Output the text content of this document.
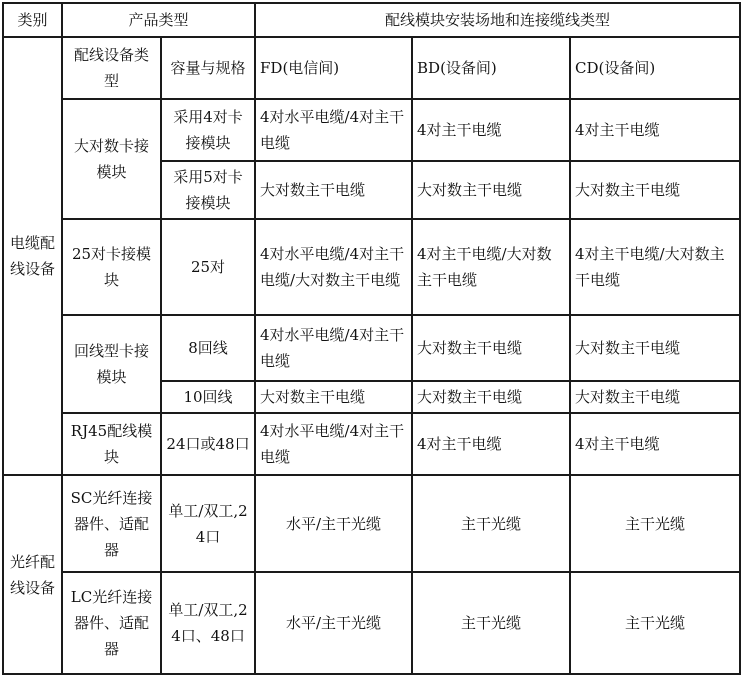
类别	产品类型		配线模块安装场地和连接缆线类型		
电缆配线设备	配线设备类型	容量与规格	FD(电信间)	BD(设备间)	CD(设备间)
	大对数卡接模块	采用4对卡接模块	4对水平电缆/4对主干电缆	4对主干电缆	4对主干电缆
		采用5对卡接模块	大对数主干电缆	大对数主干电缆	大对数主干电缆
	25对卡接模块	25对	4对水平电缆/4对主干电缆/大对数主干电缆	4对主干电缆/大对数主干电缆	4对主干电缆/大对数主干电缆
	回线型卡接模块	8回线	4对水平电缆/4对主干电缆	大对数主干电缆	大对数主干电缆
		10回线	大对数主干电缆	大对数主干电缆	大对数主干电缆
	RJ45配线模块	24口或48口	4对水平电缆/4对主干电缆	4对主干电缆	4对主干电缆
光纤配线设备	SC光纤连接器件、适配器	单工/双工,24口	水平/主干光缆	主干光缆	主干光缆
	LC光纤连接器件、适配器	单工/双工,24口、48口	水平/主干光缆	主干光缆	主干光缆
